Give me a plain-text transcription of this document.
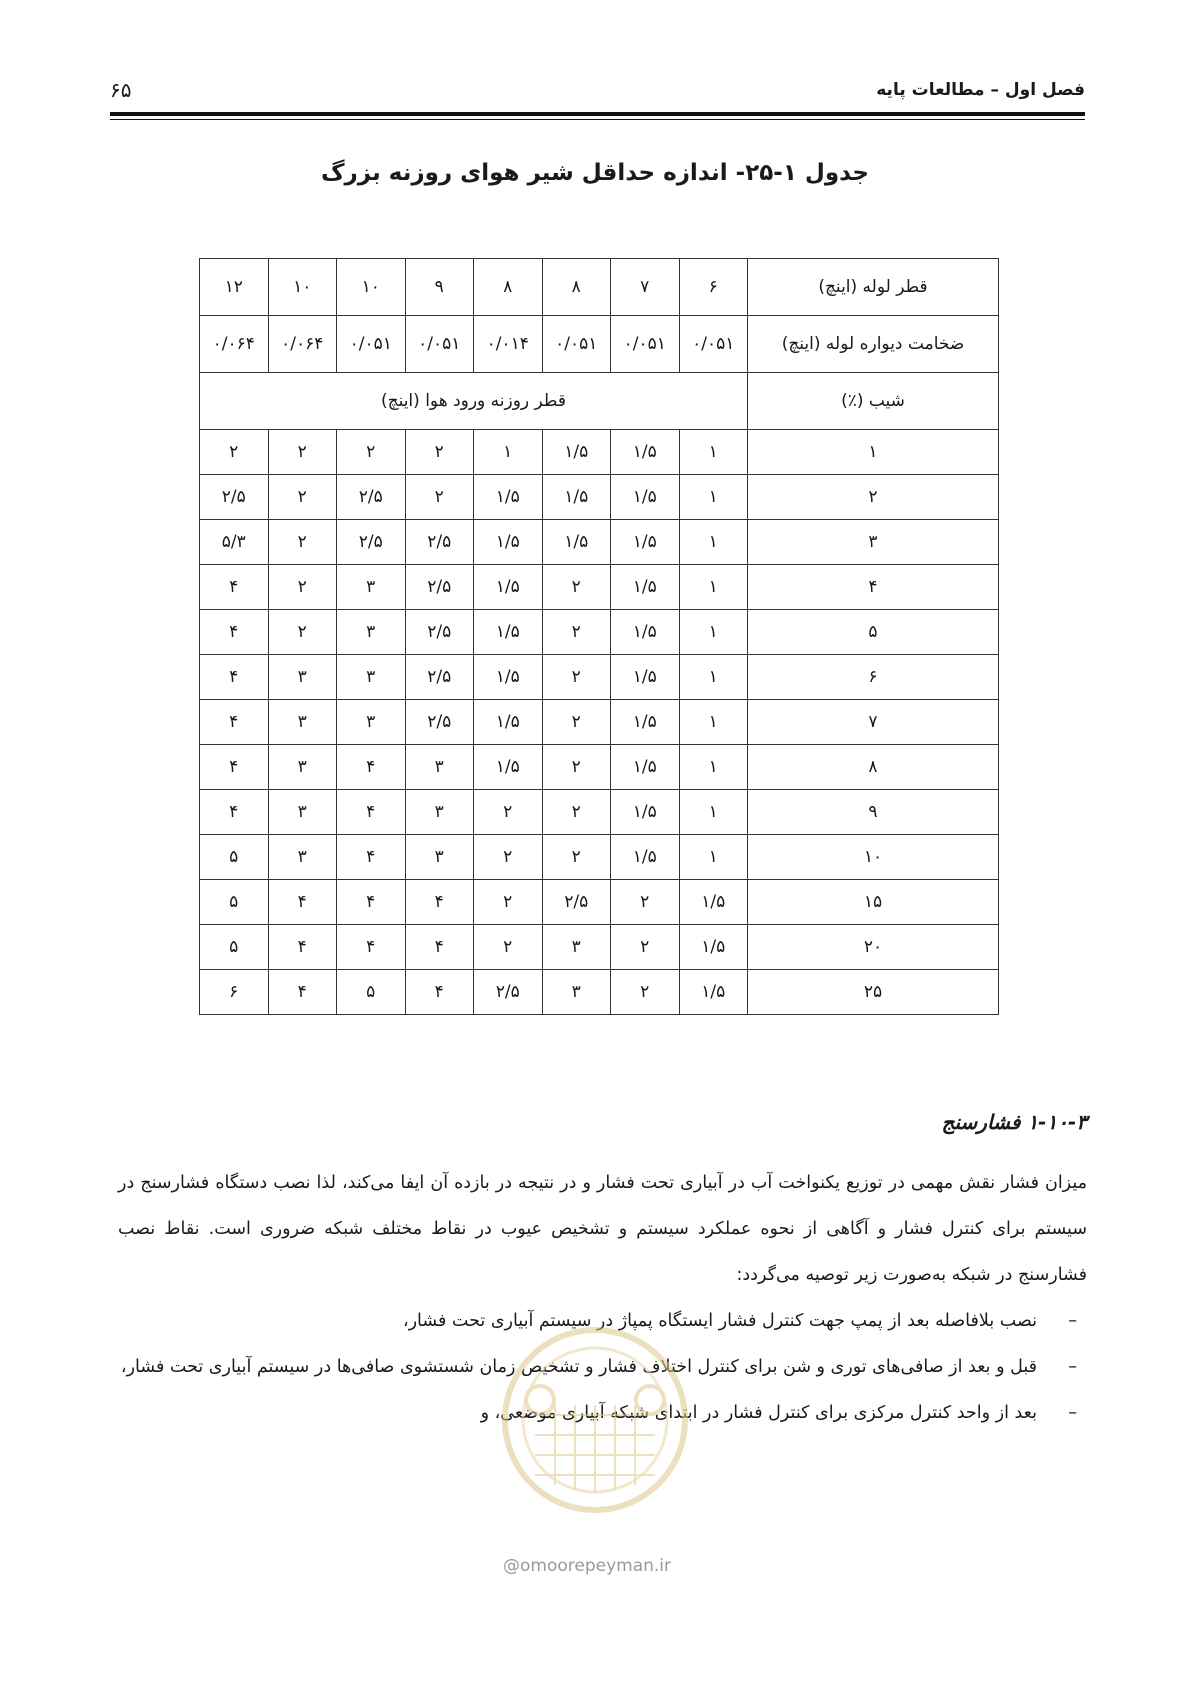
فصل اول – مطالعات پایه
۶۵
جدول ۱-۲۵- اندازه حداقل شیر هوای روزنه بزرگ
قطر لوله (اینچ)	۶	۷	۸	۸	۹	۱۰	۱۰	۱۲
ضخامت دیواره لوله (اینچ)	۰/۰۵۱	۰/۰۵۱	۰/۰۵۱	۰/۰۱۴	۰/۰۵۱	۰/۰۵۱	۰/۰۶۴	۰/۰۶۴
شیب (٪)	قطر روزنه ورود هوا (اینچ)							
۱	۱	۱/۵	۱/۵	۱	۲	۲	۲	۲
۲	۱	۱/۵	۱/۵	۱/۵	۲	۲/۵	۲	۲/۵
۳	۱	۱/۵	۱/۵	۱/۵	۲/۵	۲/۵	۲	۵/۳
۴	۱	۱/۵	۲	۱/۵	۲/۵	۳	۲	۴
۵	۱	۱/۵	۲	۱/۵	۲/۵	۳	۲	۴
۶	۱	۱/۵	۲	۱/۵	۲/۵	۳	۳	۴
۷	۱	۱/۵	۲	۱/۵	۲/۵	۳	۳	۴
۸	۱	۱/۵	۲	۱/۵	۳	۴	۳	۴
۹	۱	۱/۵	۲	۲	۳	۴	۳	۴
۱۰	۱	۱/۵	۲	۲	۳	۴	۳	۵
۱۵	۱/۵	۲	۲/۵	۲	۴	۴	۴	۵
۲۰	۱/۵	۲	۳	۲	۴	۴	۴	۵
۲۵	۱/۵	۲	۳	۲/۵	۴	۵	۴	۶
۱-۱۰-۳ فشارسنج
میزان فشار نقش مهمی در توزیع یکنواخت آب در آبیاری تحت فشار و در نتیجه در بازده آن ایفا می‌کند، لذا نصب دستگاه فشارسنج در سیستم برای کنترل فشار و آگاهی از نحوه عملکرد سیستم و تشخیص عیوب در نقاط مختلف شبکه ضروری است. نقاط نصب فشارسنج در شبکه به‌صورت زیر توصیه می‌گردد:
–
نصب بلافاصله بعد از پمپ جهت کنترل فشار ایستگاه پمپاژ در سیستم آبیاری تحت فشار،
–
قبل و بعد از صافی‌های توری و شن برای کنترل اختلاف فشار و تشخیص زمان شستشوی صافی‌ها در سیستم آبیاری تحت فشار،
–
بعد از واحد کنترل مرکزی برای کنترل فشار در ابتدای شبکه آبیاری موضعی، و
@omoorepeyman.ir
